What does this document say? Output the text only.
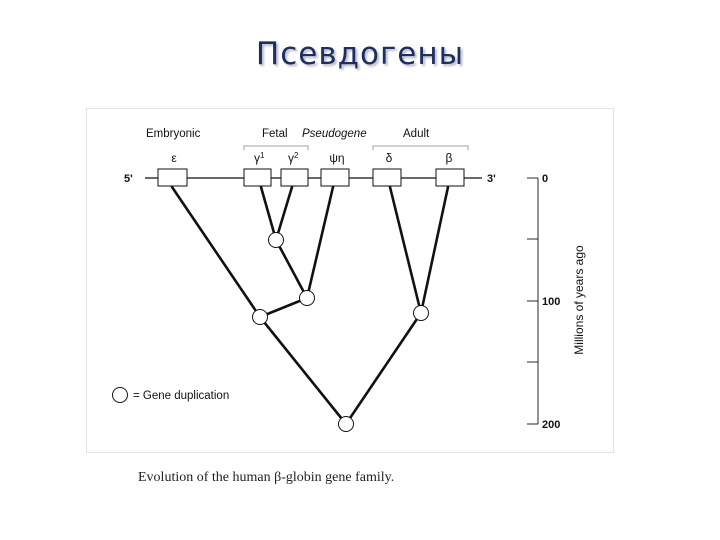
Псевдогены
Embryonic	Fetal Pseudogene	Adult
ε	$\gamma^1$ $\gamma^2$	ψη	δ	β
5'	3'
= Gene duplication
0
100
200
Millions of years ago
Evolution of the human β-globin gene family.
